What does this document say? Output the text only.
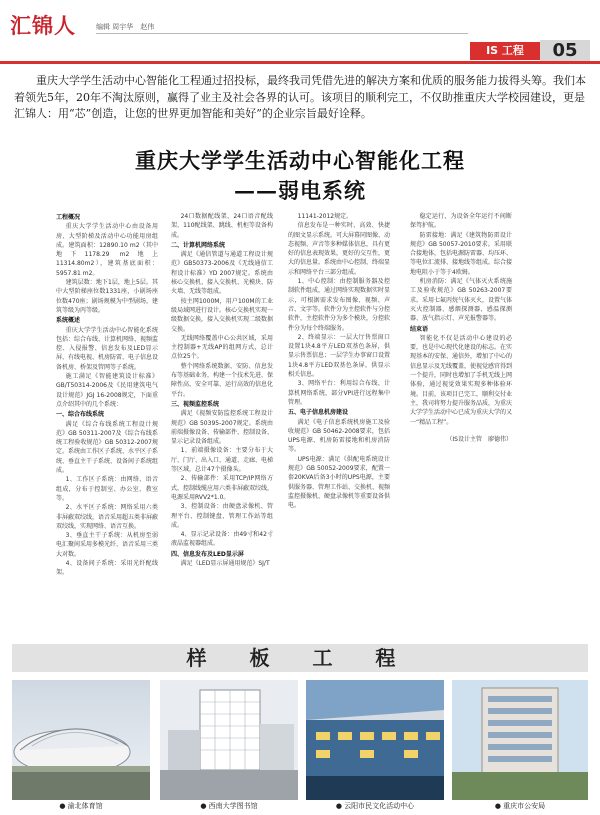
汇锦人	编辑 周宇华　赵伟
IS 工程	05
重庆大学学生活动中心智能化工程通过招投标，最终我司凭借先进的解决方案和优质的服务能力拔得头筹。我们本着领先5年，20年不淘汰原则，赢得了业主及社会各界的认可。该项目的顺利完工，不仅助推重庆大学校园建设，更是汇锦人：用“芯”创造，让您的世界更加智能和美好”的企业宗旨最好诠释。
重庆大学学生活动中心智能化工程
——弱电系统

工程概况

重庆大学学生活动中心由设备用房、大型阶梯及活动中心功能用房组成。建筑面积：12890.10 m2（其中地下1178.29 m2地上11314.80m2），建筑基底面积：5957.81 m2。

建筑层数：地下1层，地上5层。其中大型阶梯座位数1331座，小剧场座位数470座；剧场规模为中型剧场，建筑等级为丙等级。

系统概述

重庆大学学生活动中心智能化系统包括：综合布线、计算机网络、视频监控、入侵报警、信息发布及LED显示屏、有线电视、机房防雷、电子信息设备机房、桥架及管网等子系统。

施工满足《智能建筑设计标准》GB/T50314-2006及《民用建筑电气设计规范》JGJ 16-2008规定，下面重点介绍其中的几个系统：

一、综合布线系统

满足《综合布线系统工程设计规范》GB 50311-2007及《综合布线系统工程验收规范》GB 50312-2007规定。系统由工作区子系统、水平区子系统、垂直主干子系统、设备间子系统组成。

1、工作区子系统：由网络、语音组成，分布于控制室、办公室、教室等。

2、水平区子系统：网络采用六类非屏蔽双绞线，语音采用超五类非屏蔽双绞线，实现网络、语音互换。

3、垂直主干子系统：从机房至弱电汇聚间采用多模光纤、语音采用三类大对数。

4、设备间子系统：采用光纤配线架。

24口数据配线架、24口语音配线架、110配线架、跳线、机柜等设备构成。

二、计算机网络系统

满足《通信管道与通道工程设计规范》GB50373-2006及《无线通信工程设计标准》YD 2007规定。系统由核心交换机、接入交换机、光模块、防火墙、无线等组成。

按主网1000M，用户100M的工业级局域网进行设计。核心交换机实现一级数据交换，接入交换机实现二级数据交换。

无线网络覆盖中心公共区域，采用主控制器+无线AP的组网方式，总计点位25个。

整个网络系统数据、安防、信息发布等基础业务，构建一个技术先进、保障性高、安全可靠、运行高效的信息化平台。

三、视频监控系统

满足《视频安防监控系统工程设计规范》GB 50395-2007规定。系统由前端摄像设备、传输部件、控制设备、显示记录设备组成。

1、前端摄像设备：主要分布于大厅、门厅、出入口、通道、走廊、电梯等区域，总计47个摄像头。

2、传输部件：采用TCP/IP网络方式，控制线缆应用六类非屏蔽双绞线，电源采用RVV2*1.0。

3、控制设备：由硬盘录像机、管理平台、控制键盘、管理工作站等组成。

4、显示记录设备：由49寸和42寸液晶监视器组成。

四、信息发布及LED显示屏

满足《LED显示屏通用规范》SJ/T

11141-2012规定。

信息发布是一种实时、高效、快捷的图文显示系统。可大屏幕同图像、动态视频、声音等多种媒体信息，具有更好的信息表现效果，更好的交互性，更大的信息量。系统由中心控制、终端显示和网络平台三部分组成。

1、中心控制：由控制服务器及控制软件组成，通过网络实现数据实时显示，可根据需求发布图像、视频、声音、文字等。软件分为主控软件与分控软件，主控软件分为多个模块，分控软件分为每个终端服务。

2、终端显示：一层大厅售票窗口设置1块4.8平方LED双基色条屏，供显示售票信息；一层学生办事窗口设置1块4.8平方LED双基色条屏，供显示相关信息。

3、网络平台：利用综合布线、计算机网络系统，部分VPI进行远程集中管理。

五、电子信息机房建设

满足《电子信息系统机房施工及验收规范》GB 50462-2008要求，包括UPS电源、机房防雷接地和机房消防等。

UPS电源：满足《供配电系统设计规范》GB 50052-2009要求，配置一套20KVA后备3小时的UPS电源，主要供服务器、管理工作站、交换机、视频监控摄像机、硬盘录像机等重要设备供电。

稳定运行，为设备全年运行不间断保驾护航。

防雷接地：满足《建筑物防雷设计规范》GB 50057-2010要求。采用联合接地体，包括电源防雷器、均压环、等电位汇流排、接地线等组成。综合接地电阻小于等于4欧姆。

机房消防：满足《气体灭火系统施工及验收规范》GB 50263-2007要求。采用七氟丙烷气体灭火，设置气体灭火控制器、感烟探测器、感温探测器、放气指示灯、声光报警器等。

结束语

智能化不仅是活动中心建设的必要，也是中心现代化建设的标志。在实现基本的安保、通信外，增加了中心的信息显示及无线覆盖，使视觉感官得到一个提升，同时也增加了手机无线上网体验，通过视觉效果实现多种体验环境。目前，该项目已完工，顺利交付业主，我司将努力提升服务品质，为重庆大学学生活动中心已成为重庆大学的又一“精品工程”。

（IS设计主管　廖德伟）

样 板 工 程
● 渝北体育馆	● 西南大学图书馆	● 云阳市民文化活动中心	● 重庆市公安局
